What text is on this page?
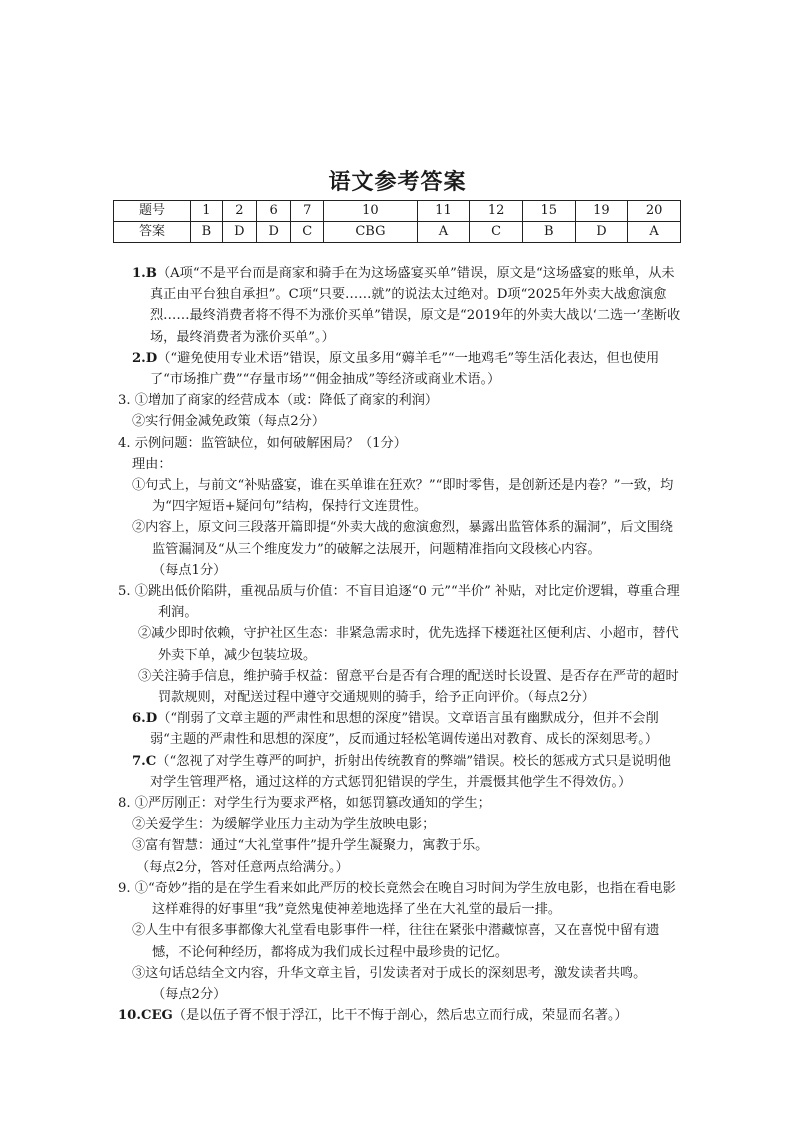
语文参考答案
题号	1	2	6	7	10	11	12	15	19	20
答案	B	D	D	C	CBG	A	C	B	D	A

1.B（A项“不是平台而是商家和骑手在为这场盛宴买单”错误，原文是“这场盛宴的账单，从未真正由平台独自承担”。C项“只要……就”的说法太过绝对。D项“2025年外卖大战愈演愈烈……最终消费者将不得不为涨价买单”错误，原文是“2019年的外卖大战以‘二选一’垄断收场，最终消费者为涨价买单”。）

2.D（“避免使用专业术语”错误，原文虽多用“薅羊毛”“一地鸡毛”等生活化表达，但也使用了“市场推广费”“存量市场”“佣金抽成”等经济或商业术语。）

3. ①增加了商家的经营成本（或：降低了商家的利润）

②实行佣金减免政策（每点2分）

4. 示例问题：监管缺位，如何破解困局？（1分）

理由：

①句式上，与前文“补贴盛宴，谁在买单谁在狂欢？”“即时零售，是创新还是内卷？”一致，均为“四字短语+疑问句”结构，保持行文连贯性。

②内容上，原文问三段落开篇即提“外卖大战的愈演愈烈，暴露出监管体系的漏洞”，后文围绕监管漏洞及“从三个维度发力”的破解之法展开，问题精准指向文段核心内容。

（每点1分）

5. ①跳出低价陷阱，重视品质与价值：不盲目追逐“0 元”“半价” 补贴，对比定价逻辑，尊重合理利润。

②减少即时依赖，守护社区生态：非紧急需求时，优先选择下楼逛社区便利店、小超市，替代外卖下单，减少包装垃圾。

③关注骑手信息，维护骑手权益：留意平台是否有合理的配送时长设置、是否存在严苛的超时罚款规则，对配送过程中遵守交通规则的骑手，给予正向评价。（每点2分）

6.D（“削弱了文章主题的严肃性和思想的深度”错误。文章语言虽有幽默成分，但并不会削弱“主题的严肃性和思想的深度”，反而通过轻松笔调传递出对教育、成长的深刻思考。）

7.C（“忽视了对学生尊严的呵护，折射出传统教育的弊端”错误。校长的惩戒方式只是说明他对学生管理严格，通过这样的方式惩罚犯错误的学生，并震慑其他学生不得效仿。）

8. ①严厉刚正：对学生行为要求严格，如惩罚篡改通知的学生；

②关爱学生：为缓解学业压力主动为学生放映电影；

③富有智慧：通过“大礼堂事件”提升学生凝聚力，寓教于乐。

（每点2分，答对任意两点给满分。）

9. ①“奇妙”指的是在学生看来如此严厉的校长竟然会在晚自习时间为学生放电影，也指在看电影这样难得的好事里“我”竟然鬼使神差地选择了坐在大礼堂的最后一排。

②人生中有很多事都像大礼堂看电影事件一样，往往在紧张中潜藏惊喜，又在喜悦中留有遗憾，不论何种经历，都将成为我们成长过程中最珍贵的记忆。

③这句话总结全文内容，升华文章主旨，引发读者对于成长的深刻思考，激发读者共鸣。

（每点2分）

10.CEG（是以伍子胥不恨于浮江，比干不悔于剖心，然后忠立而行成，荣显而名著。）
